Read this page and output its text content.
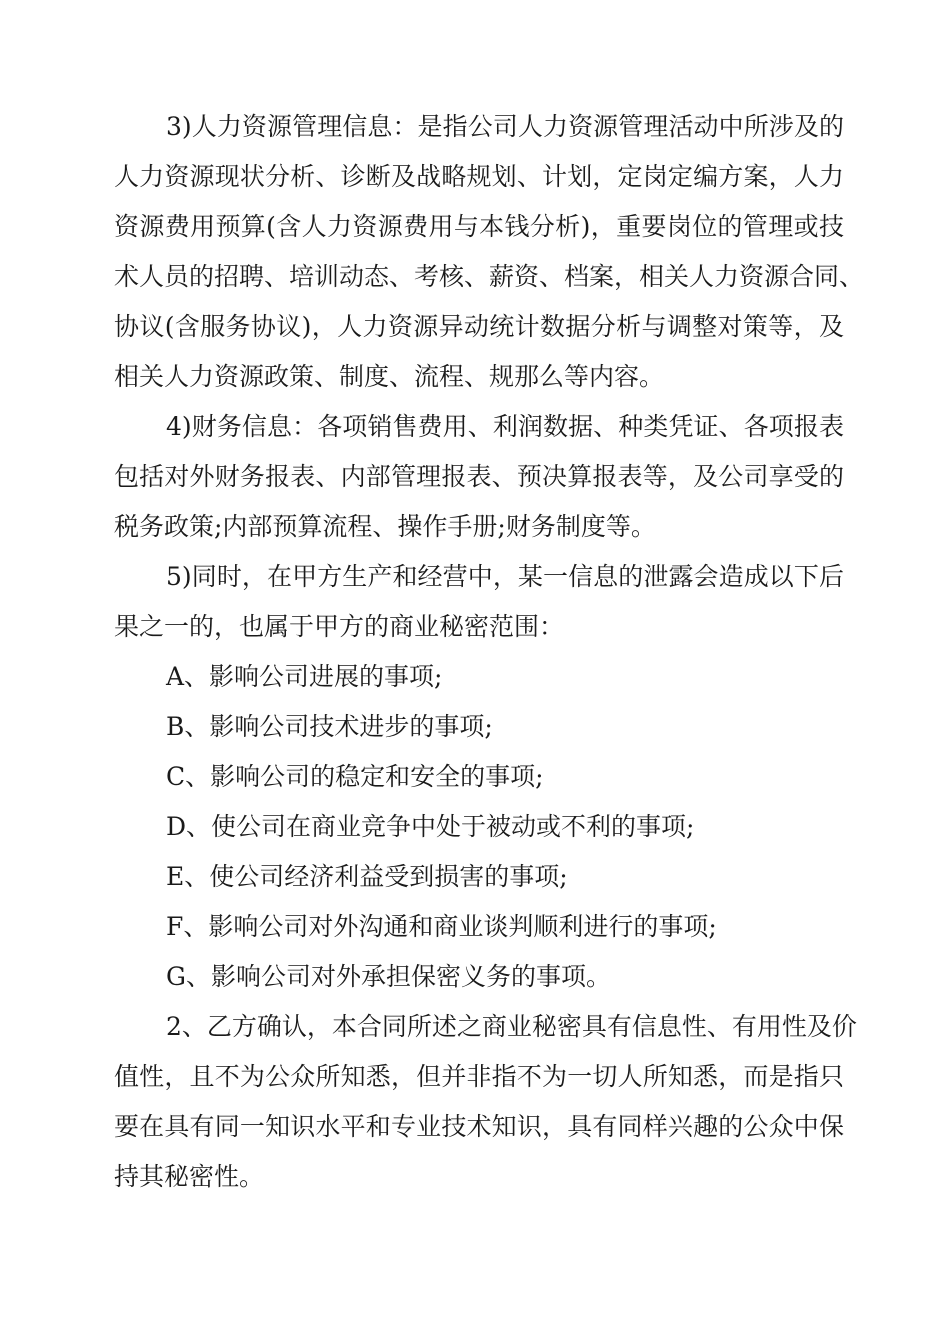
3)人力资源管理信息：是指公司人力资源管理活动中所涉及的
人力资源现状分析、诊断及战略规划、计划，定岗定编方案，人力
资源费用预算(含人力资源费用与本钱分析)，重要岗位的管理或技
术人员的招聘、培训动态、考核、薪资、档案，相关人力资源合同、
协议(含服务协议)，人力资源异动统计数据分析与调整对策等，及
相关人力资源政策、制度、流程、规那么等内容。
4)财务信息：各项销售费用、利润数据、种类凭证、各项报表
包括对外财务报表、内部管理报表、预决算报表等，及公司享受的
税务政策;内部预算流程、操作手册;财务制度等。
5)同时，在甲方生产和经营中，某一信息的泄露会造成以下后
果之一的，也属于甲方的商业秘密范围：
A、影响公司进展的事项;
B、影响公司技术进步的事项;
C、影响公司的稳定和安全的事项;
D、使公司在商业竞争中处于被动或不利的事项;
E、使公司经济利益受到损害的事项;
F、影响公司对外沟通和商业谈判顺利进行的事项;
G、影响公司对外承担保密义务的事项。
2、乙方确认，本合同所述之商业秘密具有信息性、有用性及价
值性，且不为公众所知悉，但并非指不为一切人所知悉，而是指只
要在具有同一知识水平和专业技术知识，具有同样兴趣的公众中保
持其秘密性。
